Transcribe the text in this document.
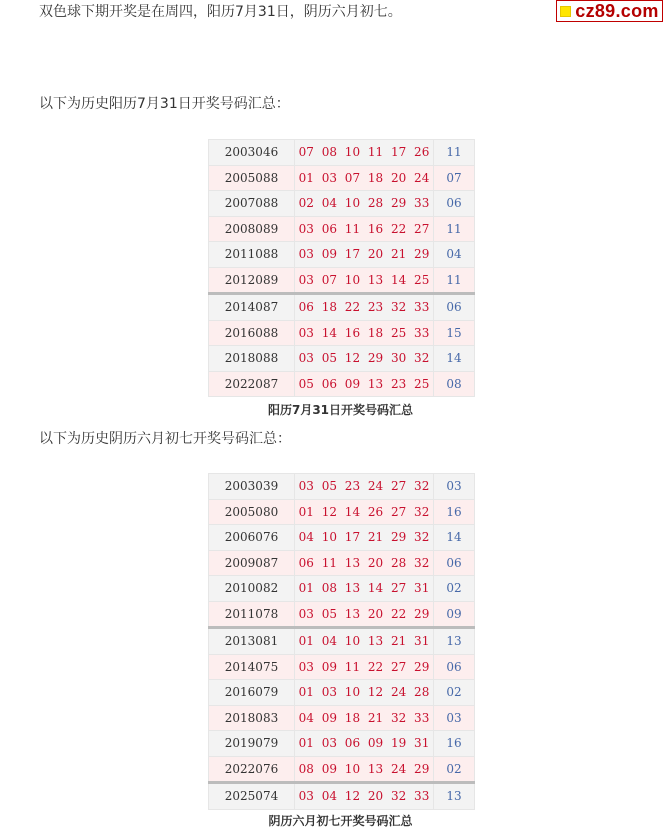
双色球下期开奖是在周四，阳历7月31日，阴历六月初七。	cz89.com

以下为历史阳历7月31日开奖号码汇总：

2003046	07 08 10 11 17 26	11
2005088	01 03 07 18 20 24	07
2007088	02 04 10 28 29 33	06
2008089	03 06 11 16 22 27	11
2011088	03 09 17 20 21 29	04
2012089	03 07 10 13 14 25	11
2014087	06 18 22 23 32 33	06
2016088	03 14 16 18 25 33	15
2018088	03 05 12 29 30 32	14
2022087	05 06 09 13 23 25	08

阳历7月31日开奖号码汇总

以下为历史阴历六月初七开奖号码汇总：

2003039	03 05 23 24 27 32	03
2005080	01 12 14 26 27 32	16
2006076	04 10 17 21 29 32	14
2009087	06 11 13 20 28 32	06
2010082	01 08 13 14 27 31	02
2011078	03 05 13 20 22 29	09
2013081	01 04 10 13 21 31	13
2014075	03 09 11 22 27 29	06
2016079	01 03 10 12 24 28	02
2018083	04 09 18 21 32 33	03
2019079	01 03 06 09 19 31	16
2022076	08 09 10 13 24 29	02
2025074	03 04 12 20 32 33	13

阴历六月初七开奖号码汇总
